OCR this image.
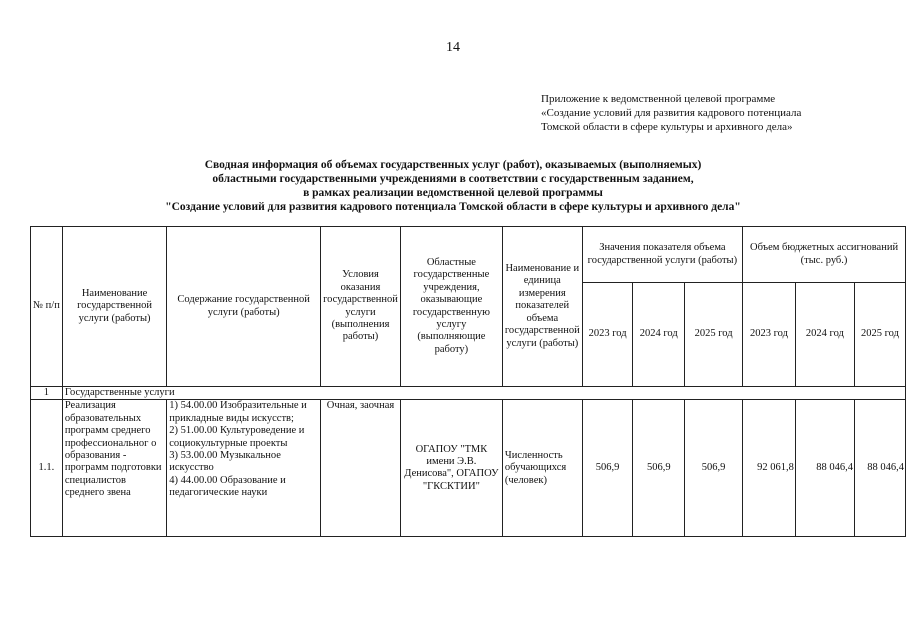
14
Приложение к ведомственной целевой программе
«Создание условий для развития кадрового потенциала
Томской области в сфере культуры и архивного дела»
Сводная информация об объемах государственных услуг (работ), оказываемых (выполняемых)
областными государственными учреждениями в соответствии с государственным заданием,
в рамках реализации ведомственной целевой программы
"Создание условий для развития кадрового потенциала Томской области в сфере культуры и архивного дела"
№ п/п	Наименование государственной услуги (работы)	Содержание государственной услуги (работы)	Условия оказания государственной услуги (выполнения работы)	Областные государственные учреждения, оказывающие государственную услугу (выполняющие работу)	Наименование и единица измерения показателей объема государственной услуги (работы)	Значения показателя объема государственной услуги (работы)			Объем бюджетных ассигнований (тыс. руб.)		
						2023 год	2024 год	2025 год	2023 год	2024 год	2025 год
1	Государственные услуги										
1.1.	Реализация образовательных программ среднего профессиональног о образования - программ подготовки специалистов среднего звена	1) 54.00.00 Изобразительные и прикладные виды искусств;
2) 51.00.00 Культуроведение и социокультурные проекты
3) 53.00.00 Музыкальное искусство
4) 44.00.00 Образование и педагогические науки	Очная, заочная	ОГАПОУ "ТМК имени Э.В. Денисова", ОГАПОУ "ГКСКТИИ"	Численность обучающихся (человек)	506,9	506,9	506,9	92 061,8	88 046,4	88 046,4
